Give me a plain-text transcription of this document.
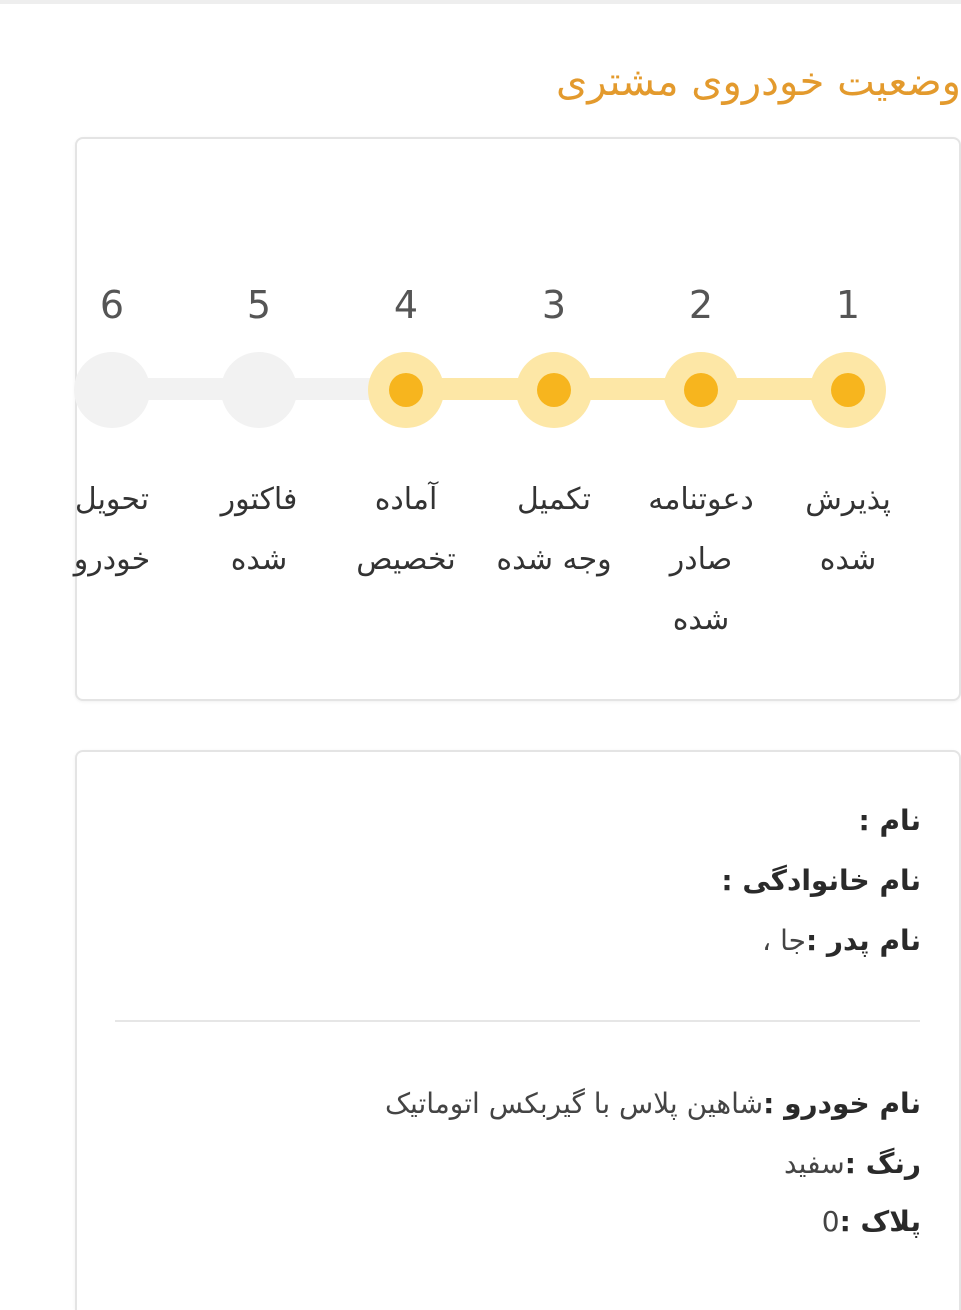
وضعیت خودروی مشتری
1
پذیرش شده
2
دعوتنامه صادر شده
3
تکمیل وجه شده
4
آماده تخصیص
5
فاکتور شده
6
تحویل خودرو
نام :
نام خانوادگی :
نام پدر :جا ،
نام خودرو :شاهین پلاس با گیربکس اتوماتیک
رنگ :سفید
پلاک :0
